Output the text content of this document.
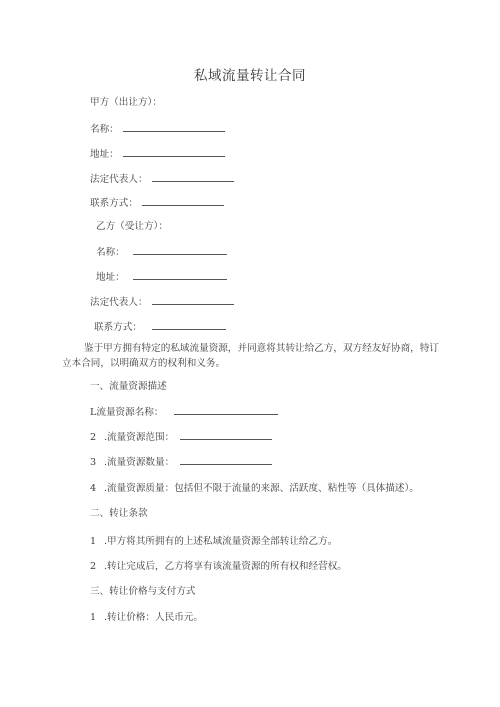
私域流量转让合同
甲方（出让方）：
名称：
地址：
法定代表人：
联系方式：
乙方（受让方）：
名称：
地址：
法定代表人：
联系方式：
鉴于甲方拥有特定的私域流量资源，并同意将其转让给乙方，双方经友好协商，特订立本合同，以明确双方的权利和义务。
一、流量资源描述
L流量资源名称：
2 .流量资源范围：
3 .流量资源数量：
4 .流量资源质量：包括但不限于流量的来源、活跃度、粘性等（具体描述）。
二、转让条款
1 .甲方将其所拥有的上述私域流量资源全部转让给乙方。
2 .转让完成后，乙方将享有该流量资源的所有权和经营权。
三、转让价格与支付方式
1 .转让价格：人民币元。
